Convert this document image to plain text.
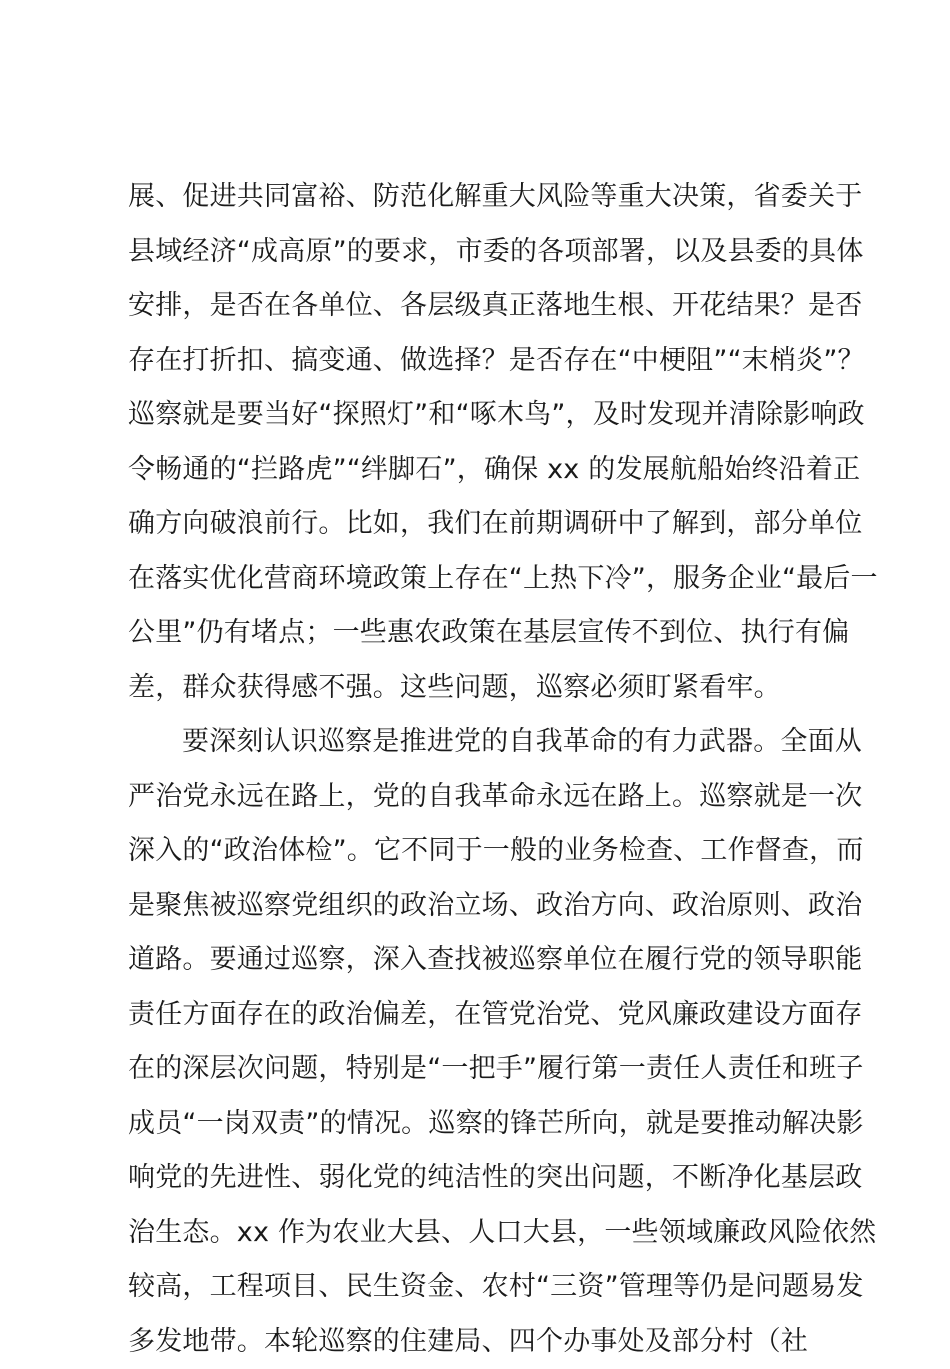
展、促进共同富裕、防范化解重大风险等重大决策，省委关于
县域经济“成高原”的要求，市委的各项部署，以及县委的具体
安排，是否在各单位、各层级真正落地生根、开花结果？是否
存在打折扣、搞变通、做选择？是否存在“中梗阻”“末梢炎”？
巡察就是要当好“探照灯”和“啄木鸟”，及时发现并清除影响政
令畅通的“拦路虎”“绊脚石”，确保 xx 的发展航船始终沿着正
确方向破浪前行。比如，我们在前期调研中了解到，部分单位
在落实优化营商环境政策上存在“上热下冷”，服务企业“最后一
公里”仍有堵点；一些惠农政策在基层宣传不到位、执行有偏
差，群众获得感不强。这些问题，巡察必须盯紧看牢。
要深刻认识巡察是推进党的自我革命的有力武器。全面从
严治党永远在路上，党的自我革命永远在路上。巡察就是一次
深入的“政治体检”。它不同于一般的业务检查、工作督查，而
是聚焦被巡察党组织的政治立场、政治方向、政治原则、政治
道路。要通过巡察，深入查找被巡察单位在履行党的领导职能
责任方面存在的政治偏差，在管党治党、党风廉政建设方面存
在的深层次问题，特别是“一把手”履行第一责任人责任和班子
成员“一岗双责”的情况。巡察的锋芒所向，就是要推动解决影
响党的先进性、弱化党的纯洁性的突出问题，不断净化基层政
治生态。xx 作为农业大县、人口大县，一些领域廉政风险依然
较高，工程项目、民生资金、农村“三资”管理等仍是问题易发
多发地带。本轮巡察的住建局、四个办事处及部分村（社
